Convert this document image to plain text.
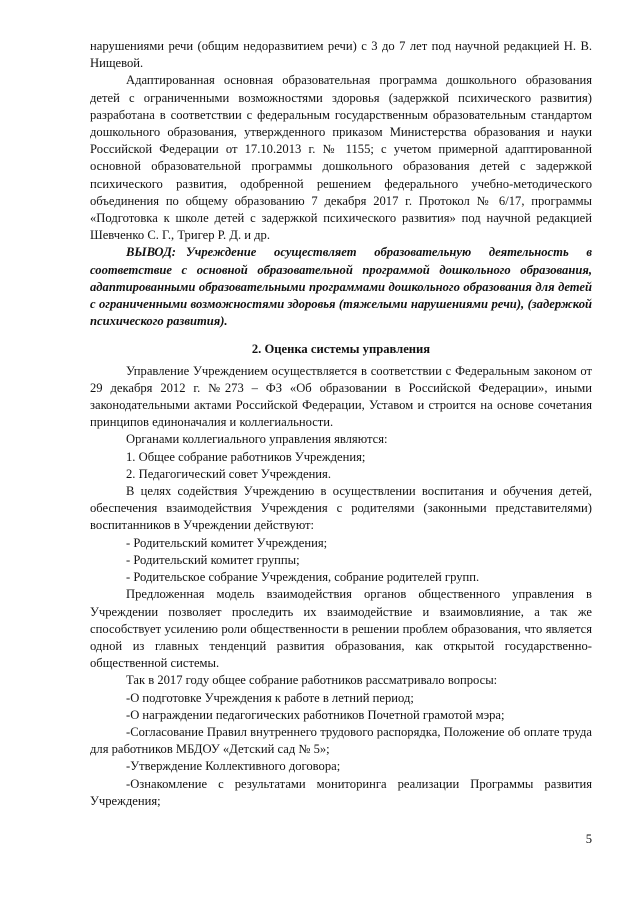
нарушениями речи (общим недоразвитием речи) с 3 до 7 лет под научной редакцией Н. В. Нищевой.

Адаптированная основная образовательная программа дошкольного образования детей с ограниченными возможностями здоровья (задержкой психического развития) разработана в соответствии с федеральным государственным образовательным стандартом дошкольного образования, утвержденного приказом Министерства образования и науки Российской Федерации от 17.10.2013 г. № 1155; с учетом примерной адаптированной основной образовательной программы дошкольного образования детей с задержкой психического развития, одобренной решением федерального учебно-методического объединения по общему образованию 7 декабря 2017 г. Протокол № 6/17, программы «Подготовка к школе детей с задержкой психического развития» под научной редакцией Шевченко С. Г., Тригер Р. Д. и др.

ВЫВОД: Учреждение осуществляет образовательную деятельность в соответствие с основной образовательной программой дошкольного образования, адаптированными образовательными программами дошкольного образования для детей с ограниченными возможностями здоровья (тяжелыми нарушениями речи), (задержкой психического развития).

2. Оценка системы управления

Управление Учреждением осуществляется в соответствии с Федеральным законом от 29 декабря 2012 г. №273 – ФЗ «Об образовании в Российской Федерации», иными законодательными актами Российской Федерации, Уставом и строится на основе сочетания принципов единоначалия и коллегиальности.

Органами коллегиального управления являются:

1. Общее собрание работников Учреждения;

2. Педагогический совет Учреждения.

В целях содействия Учреждению в осуществлении воспитания и обучения детей, обеспечения взаимодействия Учреждения с родителями (законными представителями) воспитанников в Учреждении действуют:

- Родительский комитет Учреждения;

- Родительский комитет группы;

- Родительское собрание Учреждения, собрание родителей групп.

Предложенная модель взаимодействия органов общественного управления в Учреждении позволяет проследить их взаимодействие и взаимовлияние, а так же способствует усилению роли общественности в решении проблем образования, что является одной из главных тенденций развития образования, как открытой государственно-общественной системы.

Так в 2017 году общее собрание работников рассматривало вопросы:

-О подготовке Учреждения к работе в летний период;

-О награждении педагогических работников Почетной грамотой мэра;

-Согласование Правил внутреннего трудового распорядка, Положение об оплате труда для работников МБДОУ «Детский сад № 5»;

-Утверждение Коллективного договора;

-Ознакомление с результатами мониторинга реализации Программы развития Учреждения;

5
